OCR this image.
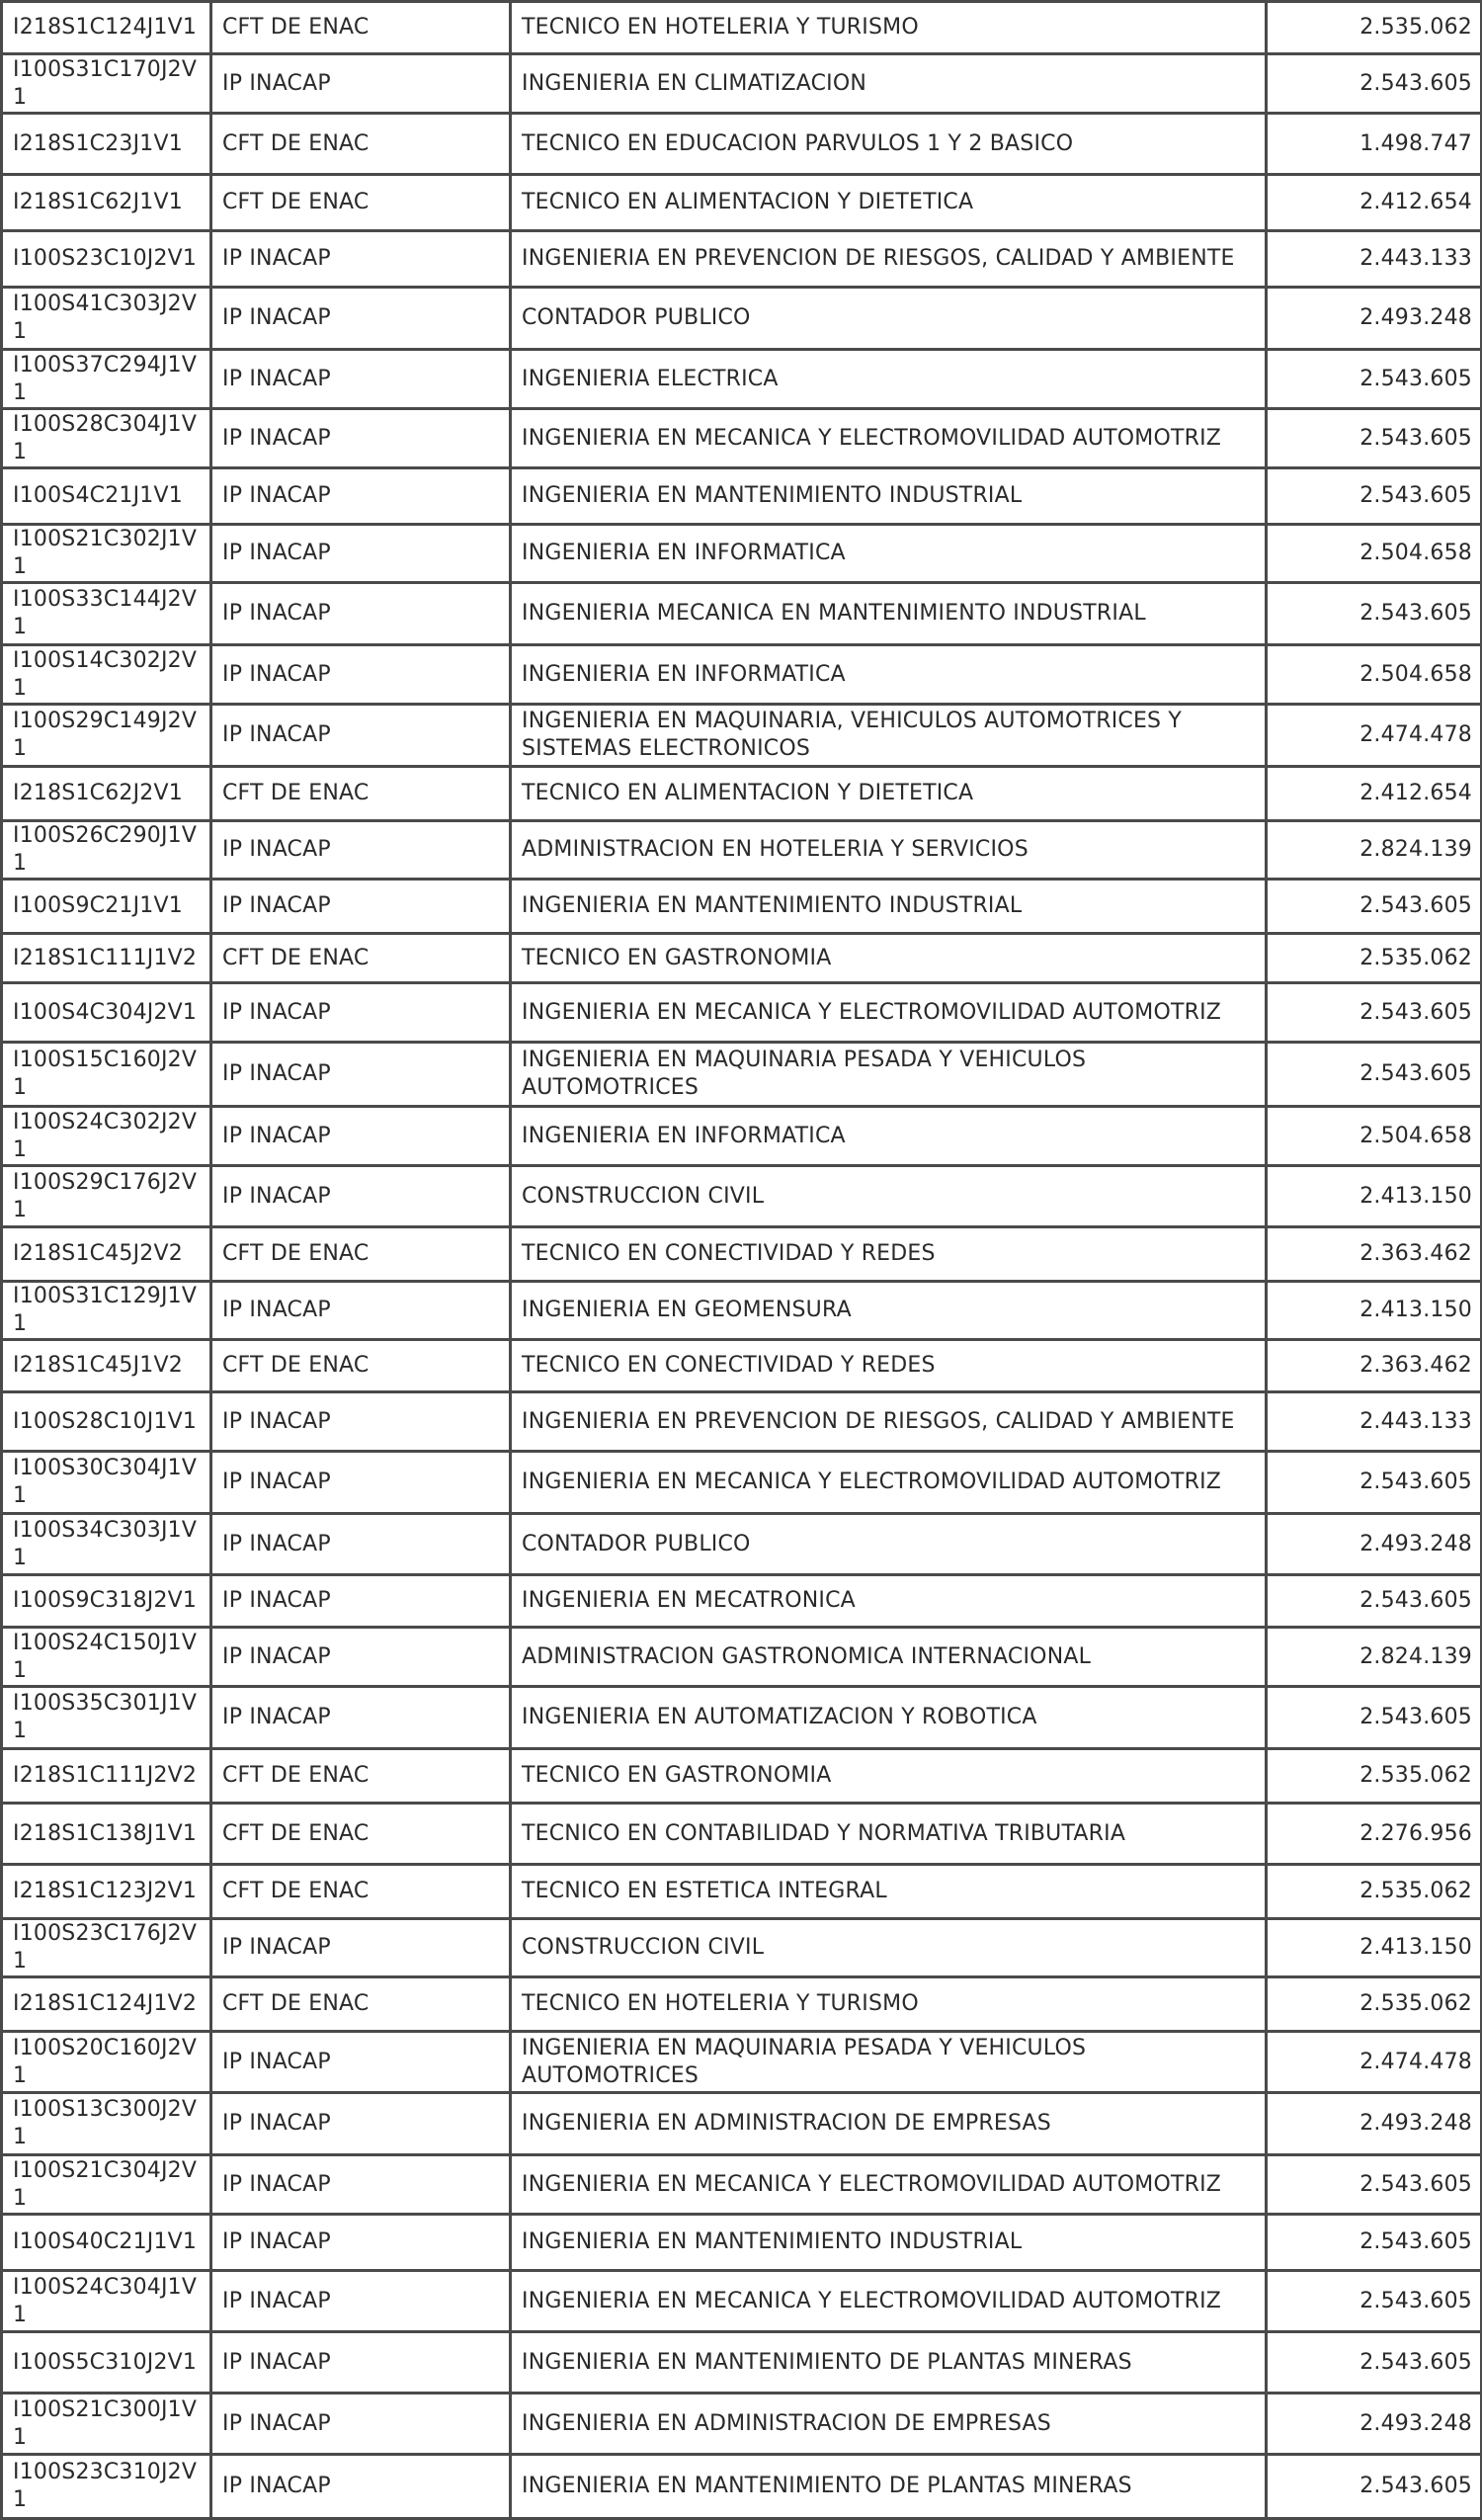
I218S1C124J1V1	CFT DE ENAC	TECNICO EN HOTELERIA Y TURISMO	2.535.062
I100S31C170J2V1	IP INACAP	INGENIERIA EN CLIMATIZACION	2.543.605
I218S1C23J1V1	CFT DE ENAC	TECNICO EN EDUCACION PARVULOS 1 Y 2 BASICO	1.498.747
I218S1C62J1V1	CFT DE ENAC	TECNICO EN ALIMENTACION Y DIETETICA	2.412.654
I100S23C10J2V1	IP INACAP	INGENIERIA EN PREVENCION DE RIESGOS, CALIDAD Y AMBIENTE	2.443.133
I100S41C303J2V1	IP INACAP	CONTADOR PUBLICO	2.493.248
I100S37C294J1V1	IP INACAP	INGENIERIA ELECTRICA	2.543.605
I100S28C304J1V1	IP INACAP	INGENIERIA EN MECANICA Y ELECTROMOVILIDAD AUTOMOTRIZ	2.543.605
I100S4C21J1V1	IP INACAP	INGENIERIA EN MANTENIMIENTO INDUSTRIAL	2.543.605
I100S21C302J1V1	IP INACAP	INGENIERIA EN INFORMATICA	2.504.658
I100S33C144J2V1	IP INACAP	INGENIERIA MECANICA EN MANTENIMIENTO INDUSTRIAL	2.543.605
I100S14C302J2V1	IP INACAP	INGENIERIA EN INFORMATICA	2.504.658
I100S29C149J2V1	IP INACAP	INGENIERIA EN MAQUINARIA, VEHICULOS AUTOMOTRICES Y SISTEMAS ELECTRONICOS	2.474.478
I218S1C62J2V1	CFT DE ENAC	TECNICO EN ALIMENTACION Y DIETETICA	2.412.654
I100S26C290J1V1	IP INACAP	ADMINISTRACION EN HOTELERIA Y SERVICIOS	2.824.139
I100S9C21J1V1	IP INACAP	INGENIERIA EN MANTENIMIENTO INDUSTRIAL	2.543.605
I218S1C111J1V2	CFT DE ENAC	TECNICO EN GASTRONOMIA	2.535.062
I100S4C304J2V1	IP INACAP	INGENIERIA EN MECANICA Y ELECTROMOVILIDAD AUTOMOTRIZ	2.543.605
I100S15C160J2V1	IP INACAP	INGENIERIA EN MAQUINARIA PESADA Y VEHICULOS AUTOMOTRICES	2.543.605
I100S24C302J2V1	IP INACAP	INGENIERIA EN INFORMATICA	2.504.658
I100S29C176J2V1	IP INACAP	CONSTRUCCION CIVIL	2.413.150
I218S1C45J2V2	CFT DE ENAC	TECNICO EN CONECTIVIDAD Y REDES	2.363.462
I100S31C129J1V1	IP INACAP	INGENIERIA EN GEOMENSURA	2.413.150
I218S1C45J1V2	CFT DE ENAC	TECNICO EN CONECTIVIDAD Y REDES	2.363.462
I100S28C10J1V1	IP INACAP	INGENIERIA EN PREVENCION DE RIESGOS, CALIDAD Y AMBIENTE	2.443.133
I100S30C304J1V1	IP INACAP	INGENIERIA EN MECANICA Y ELECTROMOVILIDAD AUTOMOTRIZ	2.543.605
I100S34C303J1V1	IP INACAP	CONTADOR PUBLICO	2.493.248
I100S9C318J2V1	IP INACAP	INGENIERIA EN MECATRONICA	2.543.605
I100S24C150J1V1	IP INACAP	ADMINISTRACION GASTRONOMICA INTERNACIONAL	2.824.139
I100S35C301J1V1	IP INACAP	INGENIERIA EN AUTOMATIZACION Y ROBOTICA	2.543.605
I218S1C111J2V2	CFT DE ENAC	TECNICO EN GASTRONOMIA	2.535.062
I218S1C138J1V1	CFT DE ENAC	TECNICO EN CONTABILIDAD Y NORMATIVA TRIBUTARIA	2.276.956
I218S1C123J2V1	CFT DE ENAC	TECNICO EN ESTETICA INTEGRAL	2.535.062
I100S23C176J2V1	IP INACAP	CONSTRUCCION CIVIL	2.413.150
I218S1C124J1V2	CFT DE ENAC	TECNICO EN HOTELERIA Y TURISMO	2.535.062
I100S20C160J2V1	IP INACAP	INGENIERIA EN MAQUINARIA PESADA Y VEHICULOS AUTOMOTRICES	2.474.478
I100S13C300J2V1	IP INACAP	INGENIERIA EN ADMINISTRACION DE EMPRESAS	2.493.248
I100S21C304J2V1	IP INACAP	INGENIERIA EN MECANICA Y ELECTROMOVILIDAD AUTOMOTRIZ	2.543.605
I100S40C21J1V1	IP INACAP	INGENIERIA EN MANTENIMIENTO INDUSTRIAL	2.543.605
I100S24C304J1V1	IP INACAP	INGENIERIA EN MECANICA Y ELECTROMOVILIDAD AUTOMOTRIZ	2.543.605
I100S5C310J2V1	IP INACAP	INGENIERIA EN MANTENIMIENTO DE PLANTAS MINERAS	2.543.605
I100S21C300J1V1	IP INACAP	INGENIERIA EN ADMINISTRACION DE EMPRESAS	2.493.248
I100S23C310J2V1	IP INACAP	INGENIERIA EN MANTENIMIENTO DE PLANTAS MINERAS	2.543.605
